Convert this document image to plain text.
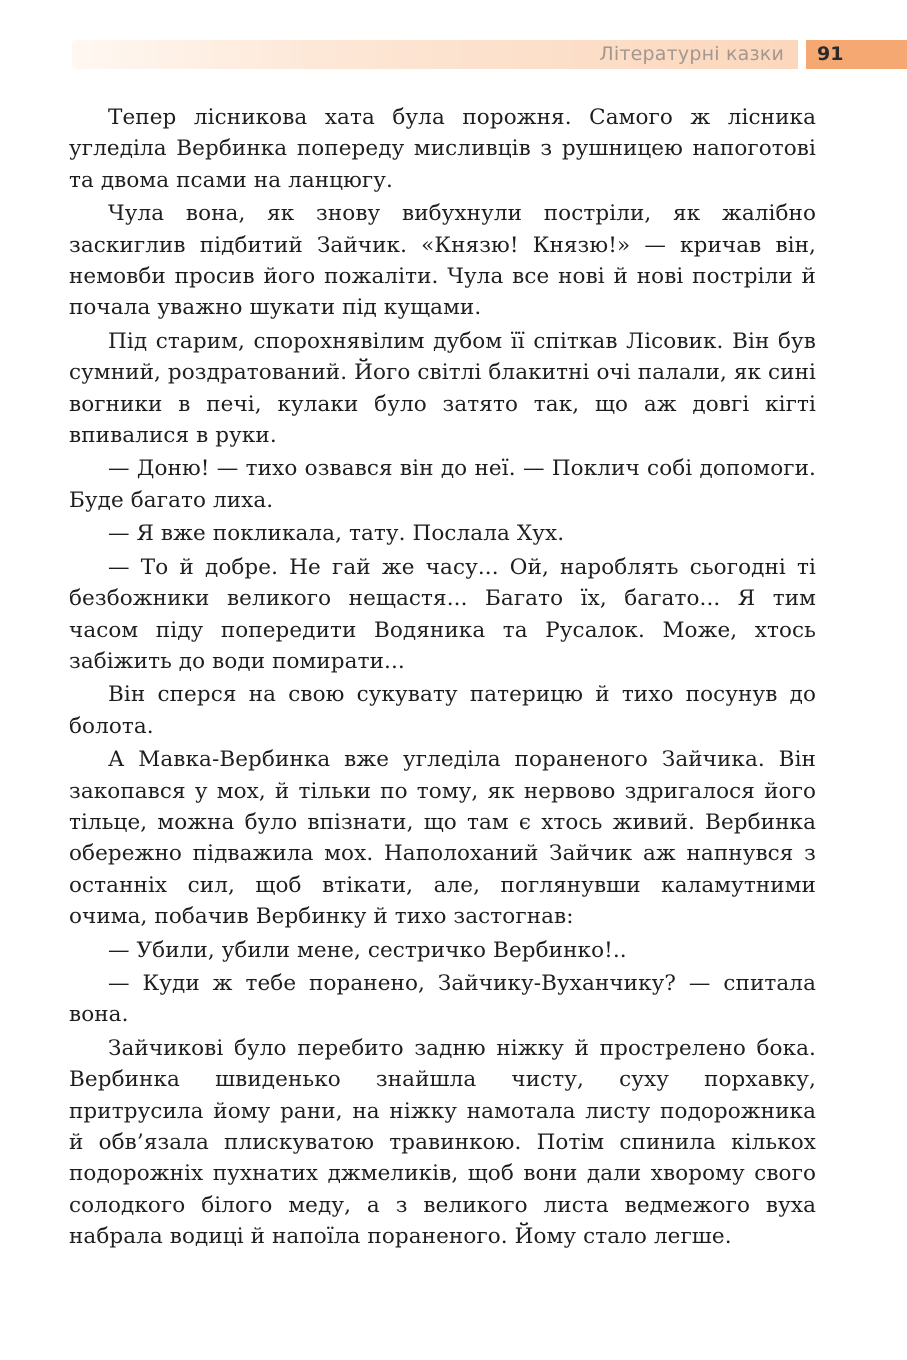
Літературні казки 91

Тепер лісникова хата була порожня. Самого ж лісника угледіла Вербинка попереду мисливців з рушницею напоготові та двома псами на ланцюгу.

Чула вона, як знову вибухнули постріли, як жалібно заскиглив підбитий Зайчик. «Князю! Князю!» — кричав він, немовби просив його пожаліти. Чула все нові й нові постріли й почала уважно шукати під кущами.

Під старим, спорохнявілим дубом її спіткав Лісовик. Він був сумний, роздратований. Його світлі блакитні очі палали, як сині вогники в печі, кулаки було затято так, що аж довгі кігті впивалися в руки.

— Доню! — тихо озвався він до неї. — Поклич собі допомоги. Буде багато лиха.

— Я вже покликала, тату. Послала Хух.

— То й добре. Не гай же часу... Ой, нароблять сьогодні ті безбожники великого нещастя... Багато їх, багато... Я тим часом піду попередити Водяника та Русалок. Може, хтось забіжить до води помирати...

Він сперся на свою сукувату патерицю й тихо посунув до болота.

А Мавка-Вербинка вже угледіла пораненого Зайчика. Він закопався у мох, й тільки по тому, як нервово здригалося його тільце, можна було впізнати, що там є хтось живий. Вербинка обережно підважила мох. Наполоханий Зайчик аж напнувся з останніх сил, щоб втікати, але, поглянувши каламутними очима, побачив Вербинку й тихо застогнав:

— Убили, убили мене, сестричко Вербинко!..

— Куди ж тебе поранено, Зайчику-Вуханчику? — спитала вона.

Зайчикові було перебито задню ніжку й прострелено бока. Вербинка швиденько знайшла чисту, суху порхавку, притрусила йому рани, на ніжку намотала листу подорожника й обв’язала плискуватою травинкою. Потім спинила кількох подорожніх пухнатих джмеликів, щоб вони дали хворому свого солодкого білого меду, а з великого листа ведмежого вуха набрала водиці й напоїла пораненого. Йому стало легше.
